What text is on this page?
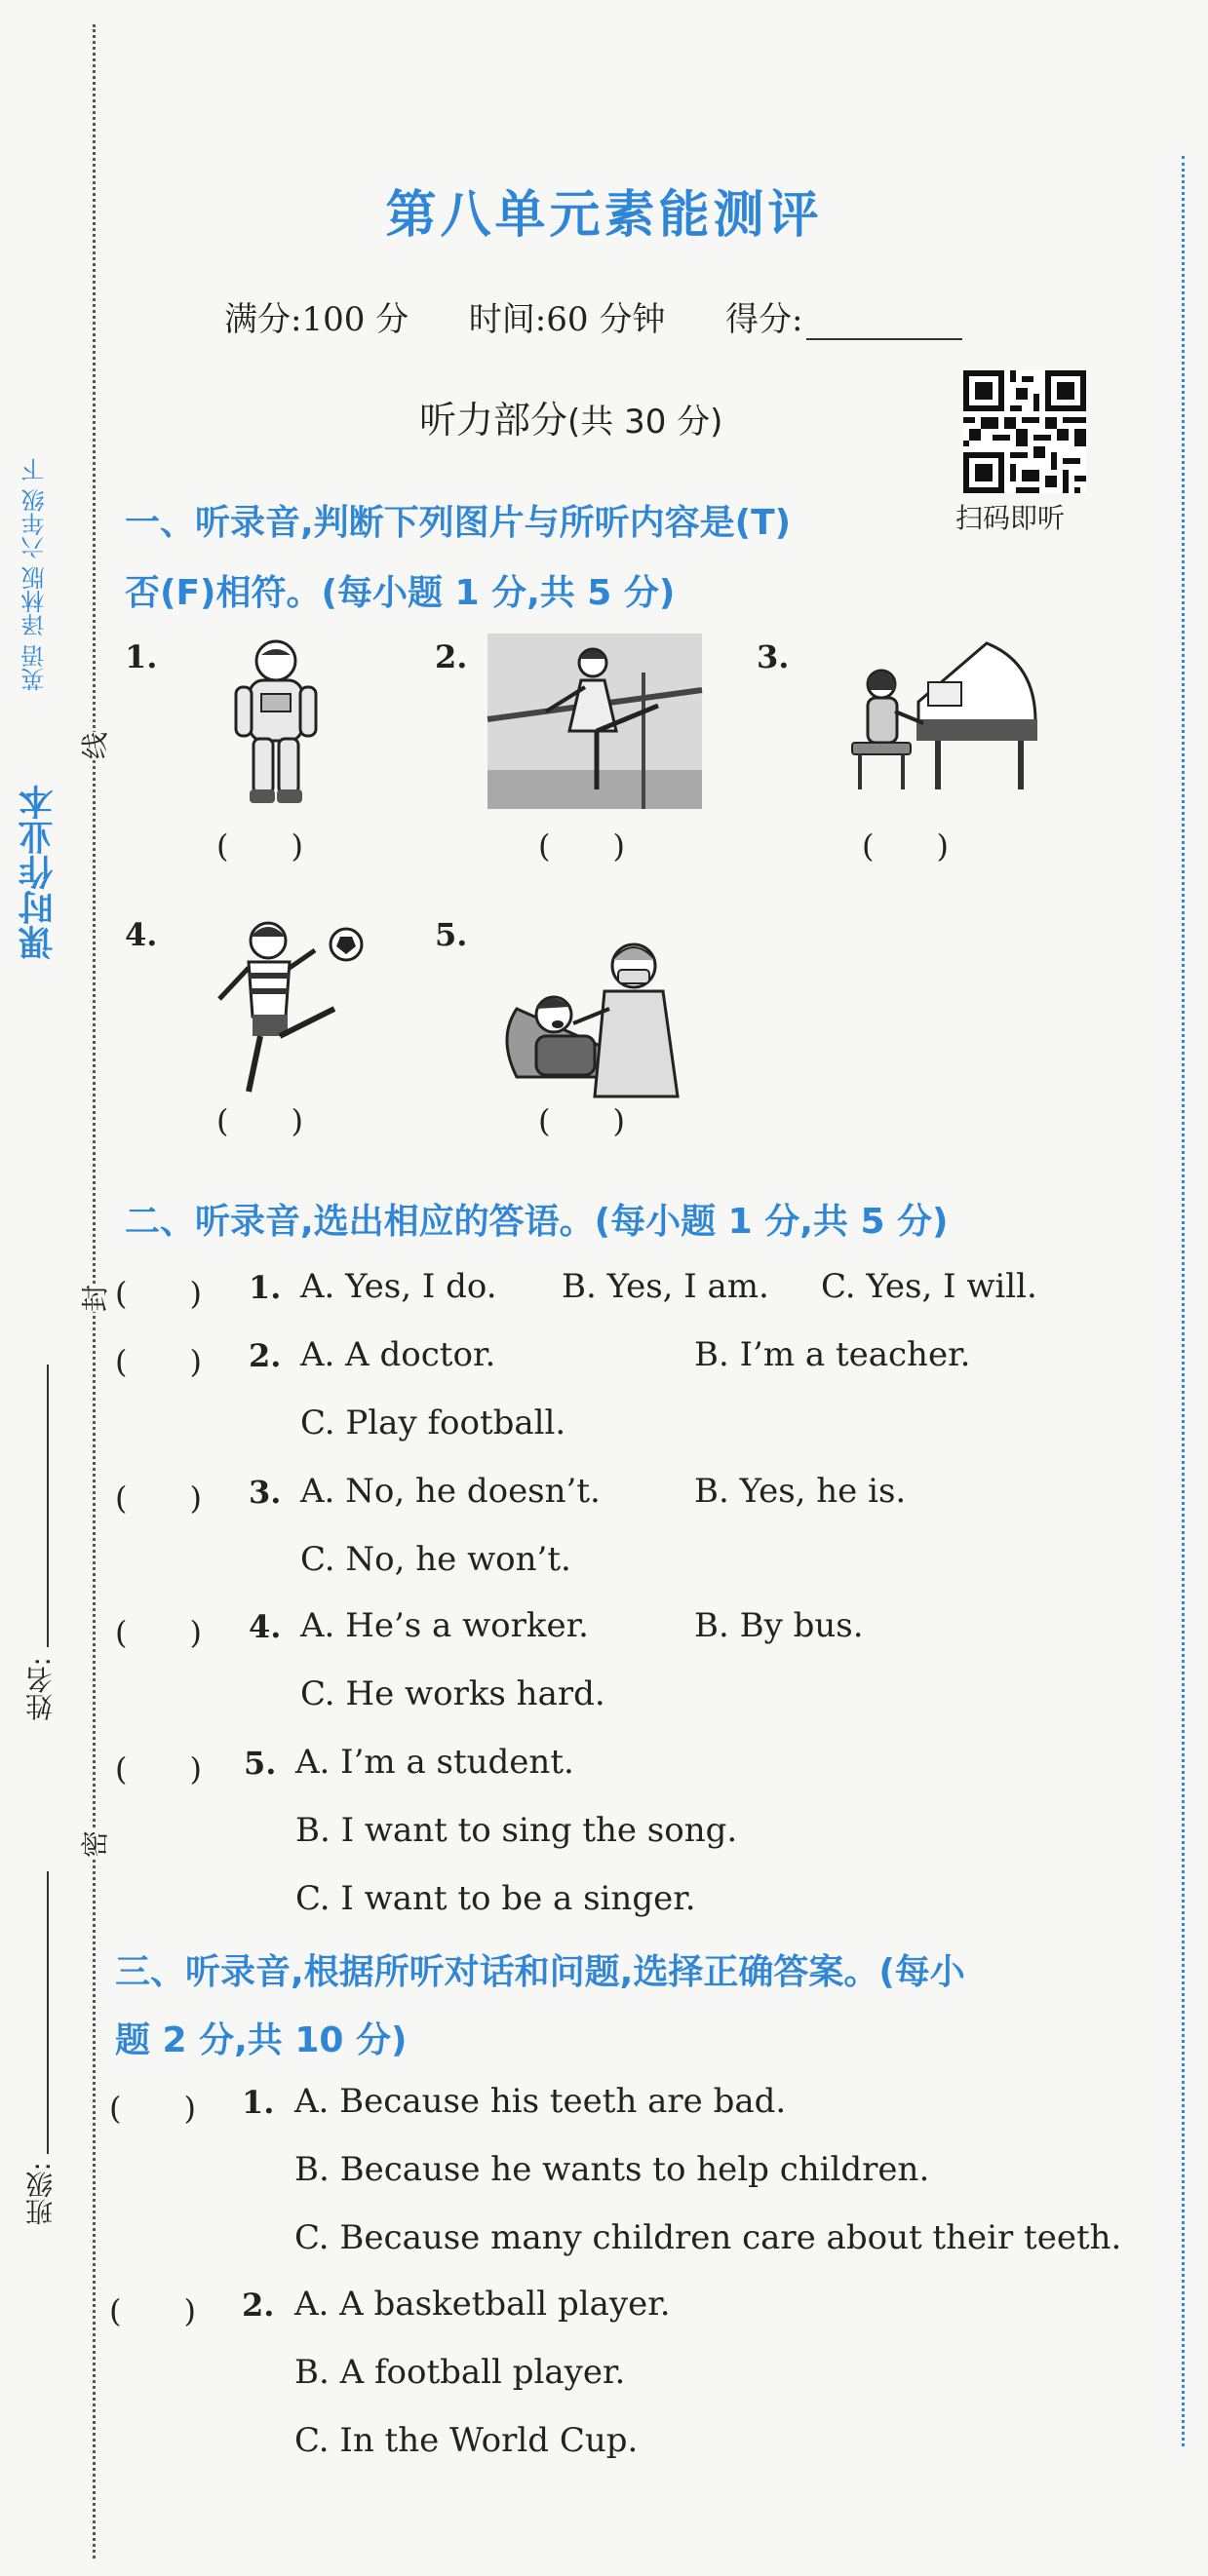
英语 译林版 六年级 下
课时作业本
线
封
密
姓名:
班级:
第八单元素能测评
满分:100 分 时间:60 分钟 得分:
听力部分(共 30 分)
扫码即听
一、听录音,判断下列图片与所听内容是(T)
否(F)相符。(每小题 1 分,共 5 分)
1.
(　　)
2.
(　　)
3.
(　　)
4.
(　　)
5.
(　　)
二、听录音,选出相应的答语。(每小题 1 分,共 5 分)
(　　) 1. A. Yes, I do. B. Yes, I am. C. Yes, I will.
(　　) 2. A. A doctor.	B. I’m a teacher.
C. Play football.
(　　) 3. A. No, he doesn’t.	B. Yes, he is.
C. No, he won’t.
(　　) 4. A. He’s a worker.	B. By bus.
C. He works hard.
(　　) 5. A. I’m a student.
B. I want to sing the song.
C. I want to be a singer.
三、听录音,根据所听对话和问题,选择正确答案。(每小
题 2 分,共 10 分)
(　　) 1. A. Because his teeth are bad.
B. Because he wants to help children.
C. Because many children care about their teeth.
(　　) 2. A. A basketball player.
B. A football player.
C. In the World Cup.
